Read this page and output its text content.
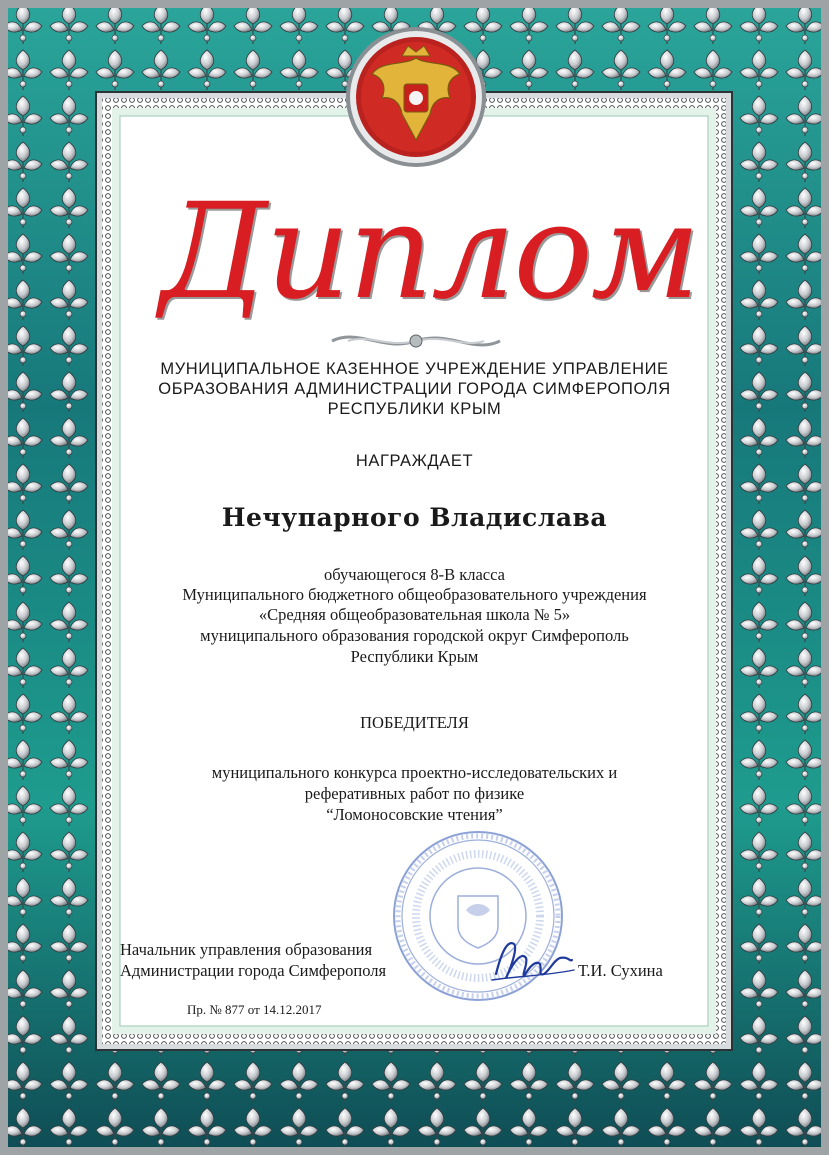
Диплом
МУНИЦИПАЛЬНОЕ КАЗЕННОЕ УЧРЕЖДЕНИЕ УПРАВЛЕНИЕ
ОБРАЗОВАНИЯ АДМИНИСТРАЦИИ ГОРОДА СИМФЕРОПОЛЯ
РЕСПУБЛИКИ КРЫМ
НАГРАЖДАЕТ
Нечупарного Владислава
обучающегося 8-В класса
Муниципального бюджетного общеобразовательного учреждения
«Средняя общеобразовательная школа № 5»
муниципального образования городской округ Симферополь
Республики Крым
ПОБЕДИТЕЛЯ
муниципального конкурса проектно-исследовательских и
реферативных работ по физике
“Ломоносовские чтения”
Начальник управления образования
Администрации города Симферополя	Т.И. Сухина
Пр. № 877 от 14.12.2017
